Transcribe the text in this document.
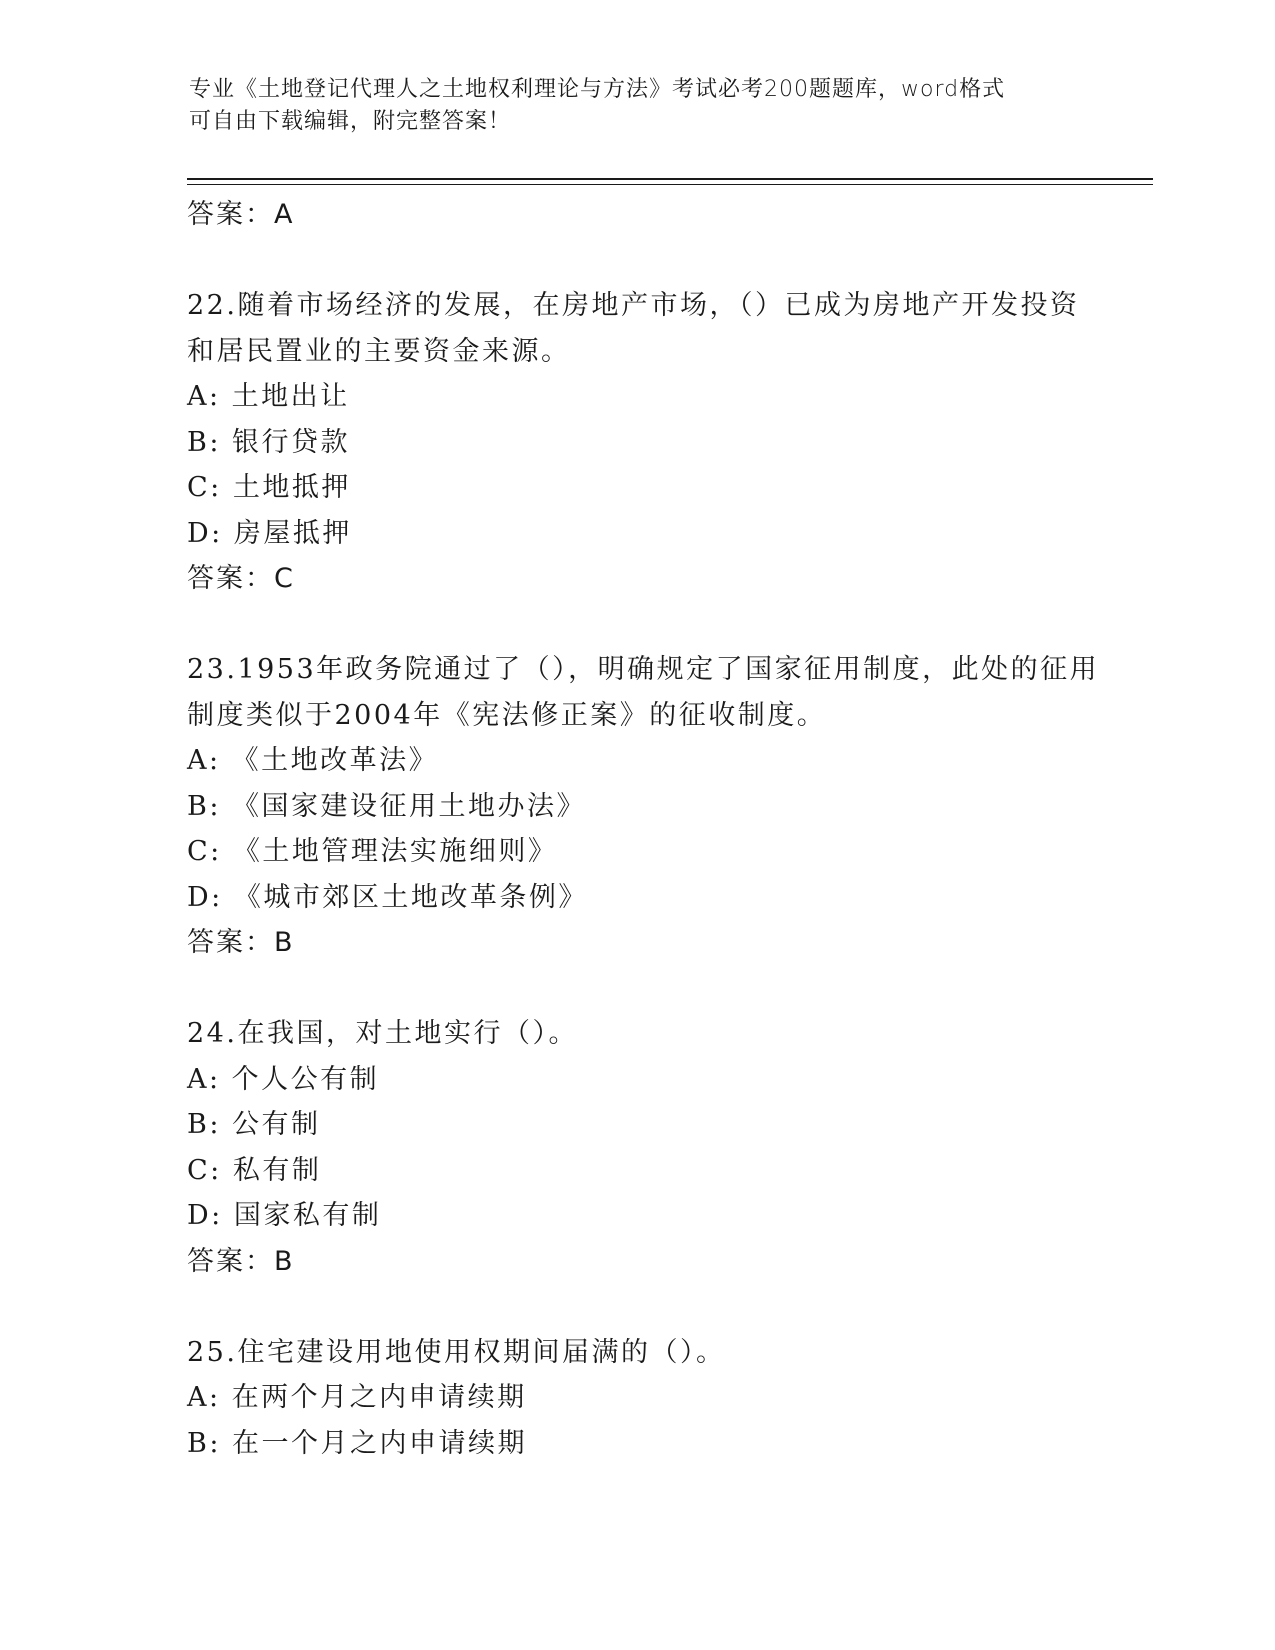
专业《土地登记代理人之土地权利理论与方法》考试必考200题题库，word格式
可自由下载编辑，附完整答案！
答案：A
22.随着市场经济的发展，在房地产市场，（）已成为房地产开发投资
和居民置业的主要资金来源。
A: 土地出让
B: 银行贷款
C: 土地抵押
D: 房屋抵押
答案：C
23.1953年政务院通过了（），明确规定了国家征用制度，此处的征用
制度类似于2004年《宪法修正案》的征收制度。
A: 《土地改革法》
B: 《国家建设征用土地办法》
C: 《土地管理法实施细则》
D: 《城市郊区土地改革条例》
答案：B
24.在我国，对土地实行（）。
A: 个人公有制
B: 公有制
C: 私有制
D: 国家私有制
答案：B
25.住宅建设用地使用权期间届满的（）。
A: 在两个月之内申请续期
B: 在一个月之内申请续期
